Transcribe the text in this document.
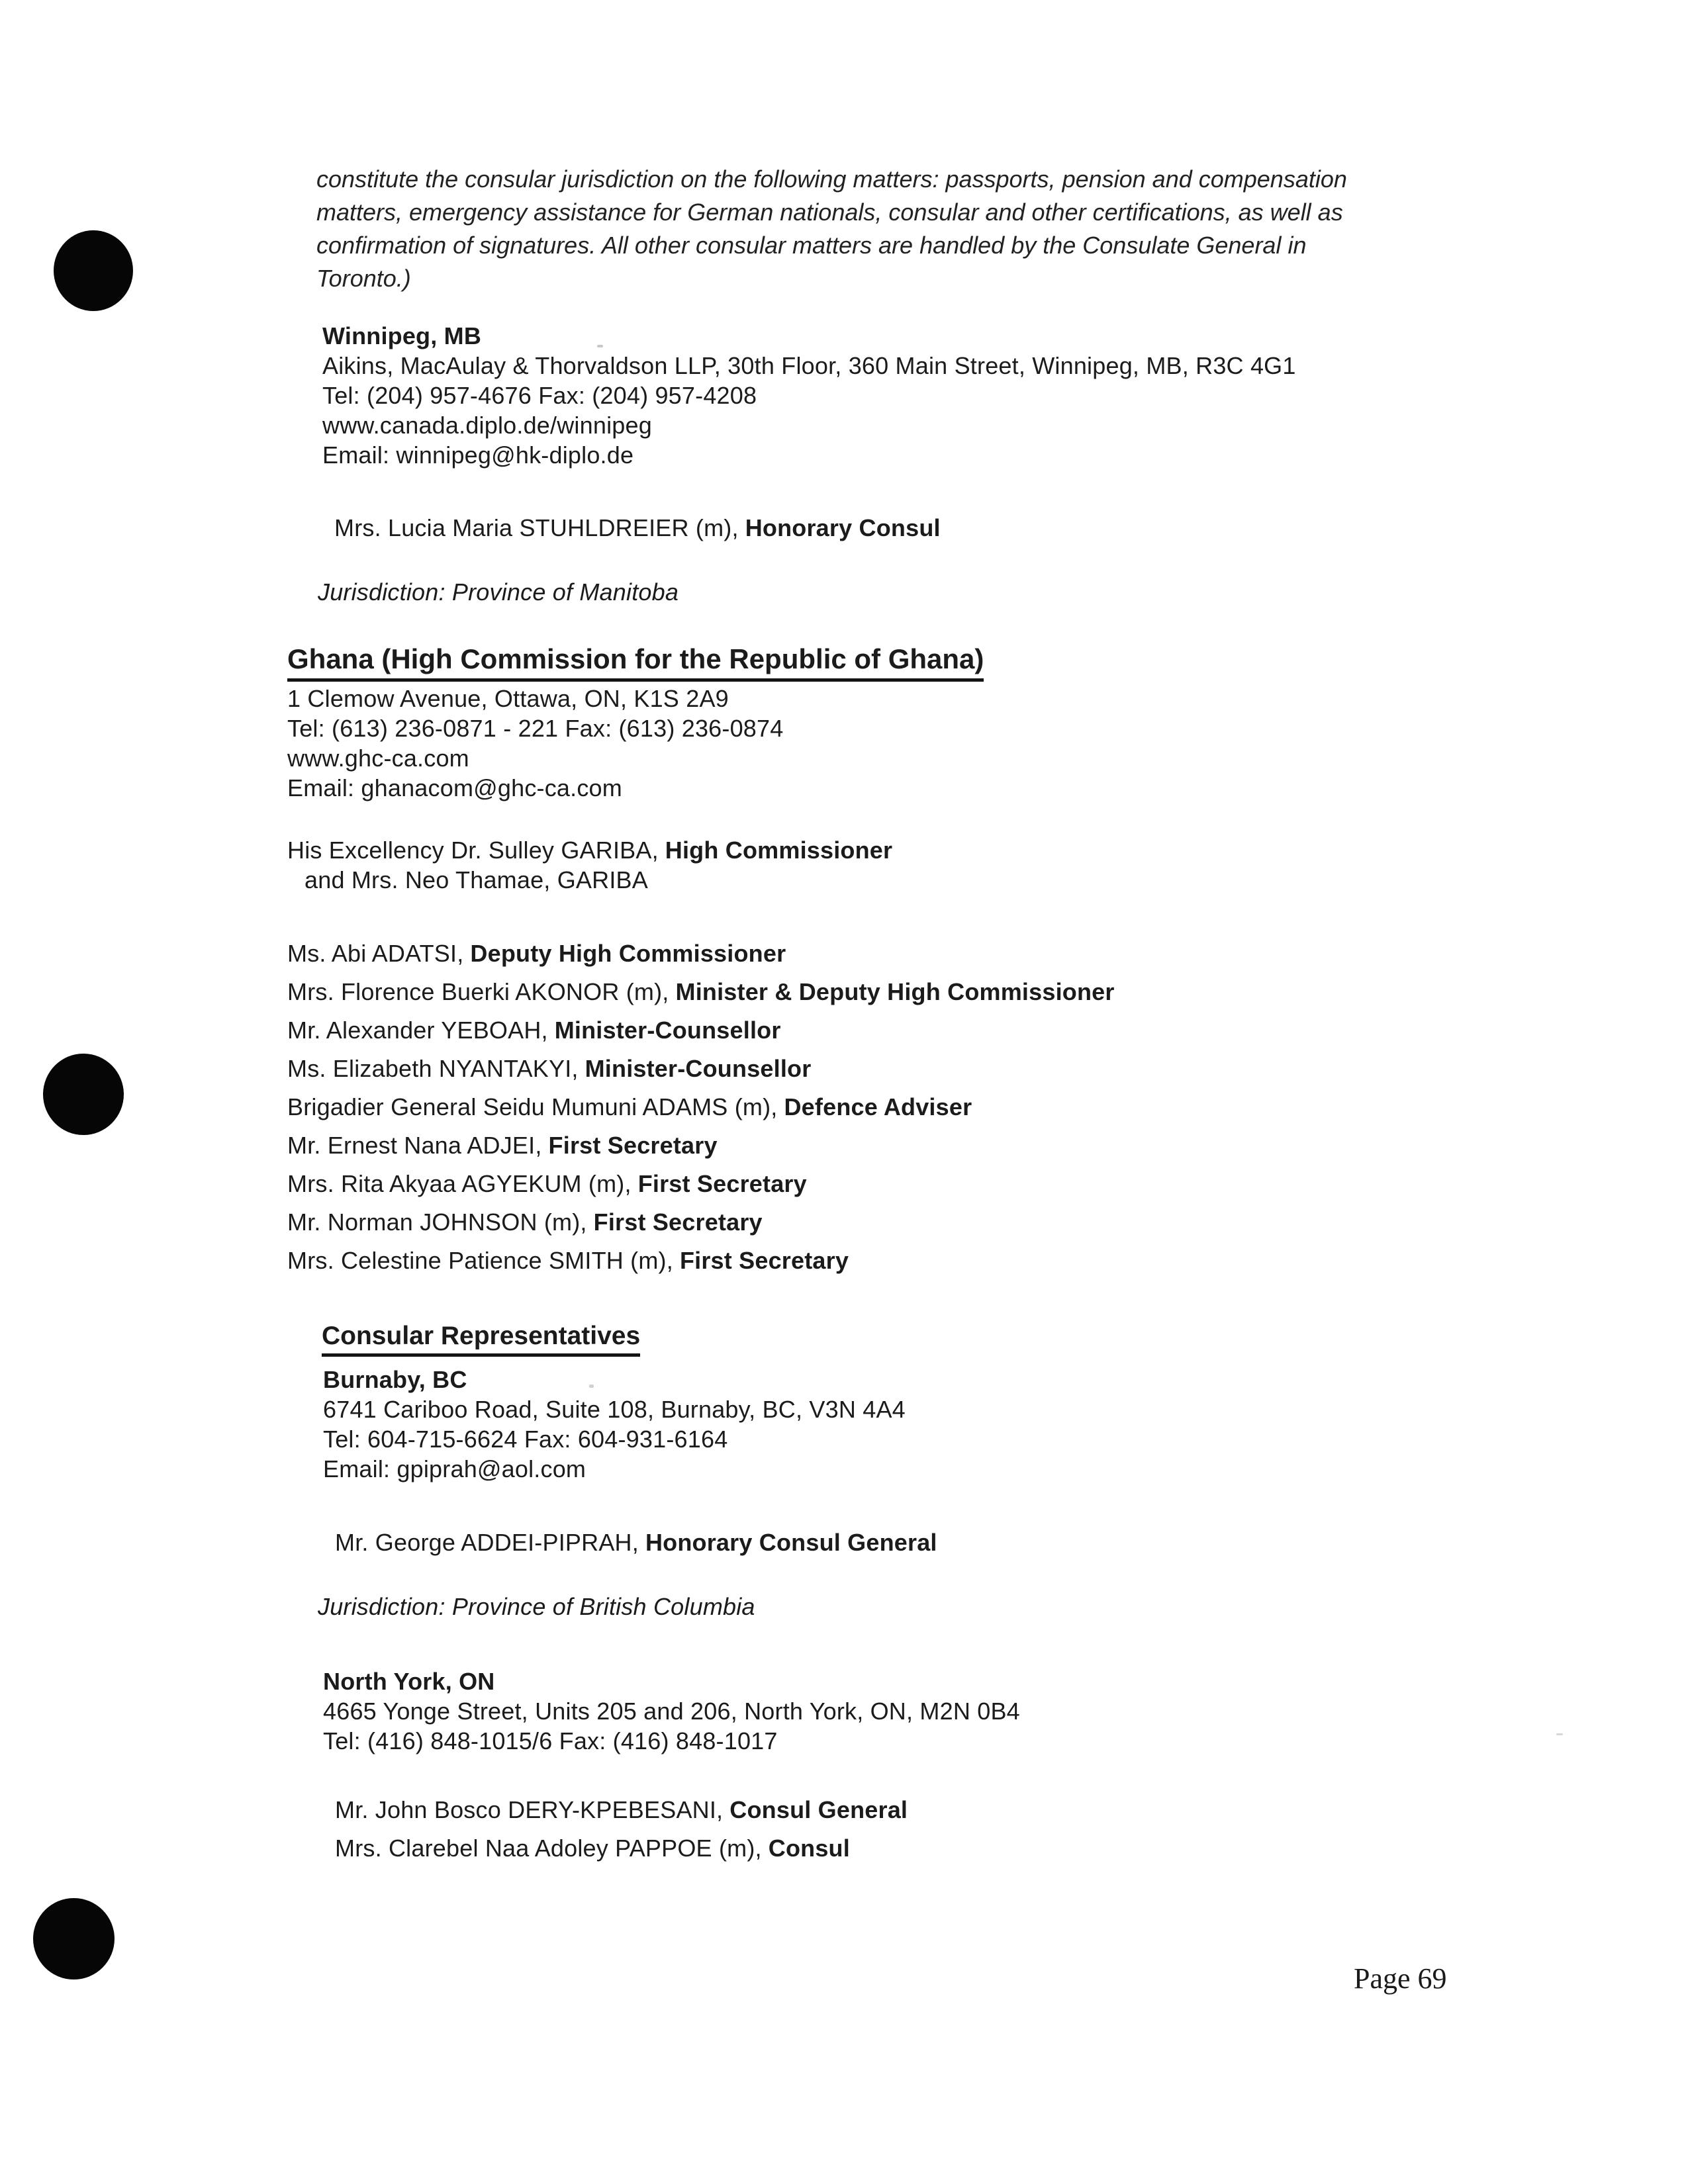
constitute the consular jurisdiction on the following matters: passports, pension and compensation
matters, emergency assistance for German nationals, consular and other certifications, as well as
confirmation of signatures. All other consular matters are handled by the Consulate General in
Toronto.)
Winnipeg, MB
Aikins, MacAulay & Thorvaldson LLP, 30th Floor, 360 Main Street, Winnipeg, MB, R3C 4G1
Tel: (204) 957-4676 Fax: (204) 957-4208
www.canada.diplo.de/winnipeg
Email: winnipeg@hk-diplo.de
Mrs. Lucia Maria STUHLDREIER (m), Honorary Consul
Jurisdiction: Province of Manitoba
Ghana (High Commission for the Republic of Ghana)
1 Clemow Avenue, Ottawa, ON, K1S 2A9
Tel: (613) 236-0871 - 221 Fax: (613) 236-0874
www.ghc-ca.com
Email: ghanacom@ghc-ca.com
His Excellency Dr. Sulley GARIBA, High Commissioner
and Mrs. Neo Thamae, GARIBA
Ms. Abi ADATSI, Deputy High Commissioner
Mrs. Florence Buerki AKONOR (m), Minister & Deputy High Commissioner
Mr. Alexander YEBOAH, Minister-Counsellor
Ms. Elizabeth NYANTAKYI, Minister-Counsellor
Brigadier General Seidu Mumuni ADAMS (m), Defence Adviser
Mr. Ernest Nana ADJEI, First Secretary
Mrs. Rita Akyaa AGYEKUM (m), First Secretary
Mr. Norman JOHNSON (m), First Secretary
Mrs. Celestine Patience SMITH (m), First Secretary
Consular Representatives
Burnaby, BC
6741 Cariboo Road, Suite 108, Burnaby, BC, V3N 4A4
Tel: 604-715-6624 Fax: 604-931-6164
Email: gpiprah@aol.com
Mr. George ADDEI-PIPRAH, Honorary Consul General
Jurisdiction: Province of British Columbia
North York, ON
4665 Yonge Street, Units 205 and 206, North York, ON, M2N 0B4
Tel: (416) 848-1015/6 Fax: (416) 848-1017
Mr. John Bosco DERY-KPEBESANI, Consul General
Mrs. Clarebel Naa Adoley PAPPOE (m), Consul
Page 69
